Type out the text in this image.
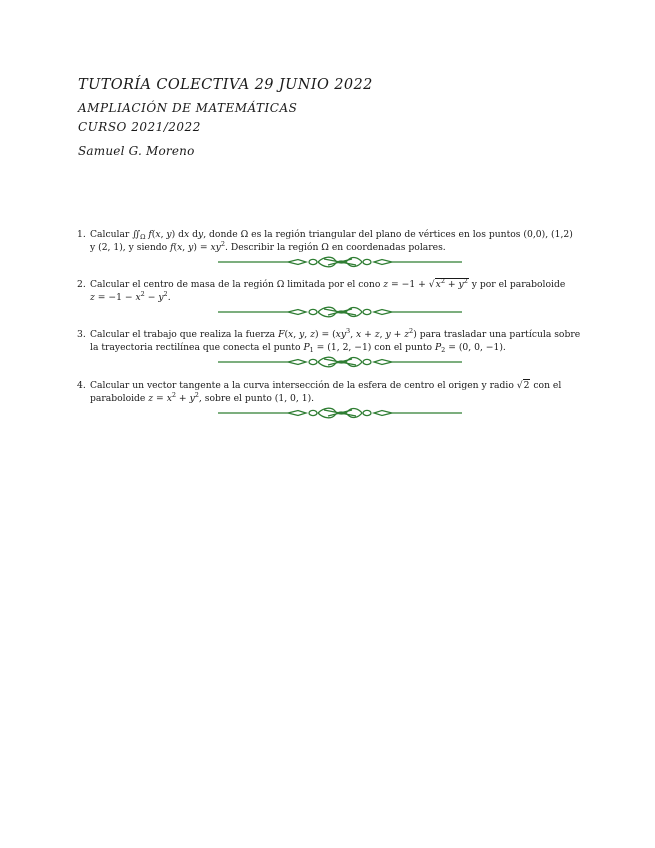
TUTORÍA COLECTIVA 29 JUNIO 2022

AMPLIACIÓN DE MATEMÁTICAS

CURSO 2021/2022

Samuel G. Moreno

1. Calcular $∬_\Omega$ f(x, y) dx dy, donde Ω es la región triangular del plano de vértices en los puntos (0,0), (1,2)
y (2, 1), y siendo f(x, $y) = xy^2$. Describir la región Ω en coordenadas polares.
2. Calcular el centro de masa de la región Ω limitada por el cono $z = -1 + √x^2 + y^2$ y por el paraboloide
$z = -1 - x^2 - y^2$.
3. Calcular el trabajo que realiza la fuerza F(x, y, $z) = (xy^3$, x + z, $y + z^2$) para trasladar una partícula sobre
la trayectoria rectilínea que conecta el punto $P_1 = (1$, 2, −1) con el punto $P_2 = (0$, 0, −1).
4. Calcular un vector tangente a la curva intersección de la esfera de centro el origen y radio √2 con el
paraboloide $z = x^2 + y^2$, sobre el punto (1, 0, 1).
